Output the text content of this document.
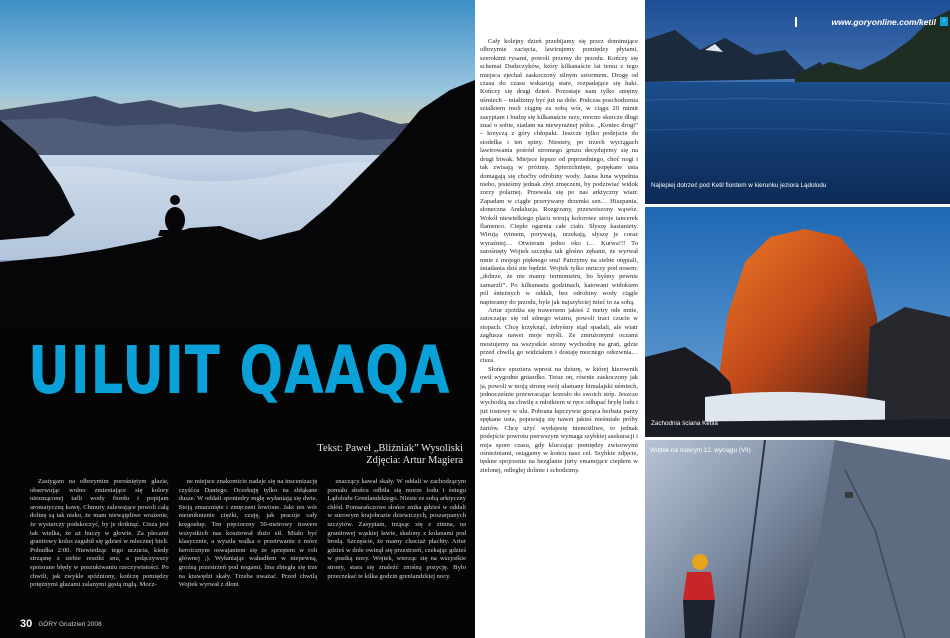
UILUIT QAAQA
Tekst: Paweł „Bliźniak” Wysoliski
Zdjęcia: Artur Magiera
Zastygam na olbrzymim porośniętym głazie, obserwując wolno zmieniające się kolory niezmąconej tafli wody fiordu i popijam aromatyczną kawę. Chmury zalewające powoli całą dolinę są tak nisko, że mam niewątpliwe wrażenie, że wystarczy podskoczyć, by je dotknąć. Cisza jest tak wielka, że aż huczy w głowie. Za plecami granitowy kolos zagubił się gdzieś w mlecznej bieli. Pobudka 2:00. Niewiedząc tego uczucia, kiedy strząsnę z siebie resztki snu, a połączywszy spoisrane błędy w poszukiwaniu rzeczywistości. Po chwili, jak zwykle spóźniony, kończę pomiędzy potężnymi głazami zalanymi gęstą mgłą. Mocz-
ne miejsce znakomicie nadaje się na inscenizację czyśćca Dantego. Oczekuję tylko na zbłąkane dusze. W oddali sponiedry mgłę wyłaniają się dwie. Stoją zmarznięte i zmęczeni łowione. Jaki ten wór nieuniknienie ciężki, czuję, jak pracuje cały kręgosłup. Ten pięciorzny 50-metrowy trawers wszystkich nas kosztował dużo sił. Miało być klasycznie, a wyszła walka o przetrwanie z mórz heroicznym oswajaniem się ze sprzętem w roli głównej ;). Wyłaniając wahadłem w niepewną, groźną przestrzeń pod nogami, lina zbiegła się trze na krawędzi skały. Trzeba uważać. Przed chwilą Wojtek wyrwał z dłoni
znaczący kawał skały. W oddali w zachodzącym pomału słońcu odbiła się morze lodu i śniegu Lądolodu Grenlandzkiego. Niesie ze sobą arktyczny chłód. Pomarańczowe słońce znika gdzieś w oddali w surowym krajobrazie dziewiczych, poszarpanych szczytów. Zasypiam, trząsąc się z zimna, na granitowej wąskiej ławie, skulony z kolanami pod brodą. Szczęście, że mamy chociaż płachty. Artur gdzieś w dole owinął się przestrzeń, czekając gdzieś w pustką nocy. Wojtek, wierząc się na wszystkie strony, stara się znaleźć znośną pozycję. Było przeczekać te kilka godzin grenlandzkiej nocy.
30 GÓRY Grudzień 2008

Cały kolejny dzień przebijamy się przez dominujące olbrzymie zacięcia, lawirujemy pomiędzy płytami, szerokimi rysami, powoli przemy do przodu. Kończy się schemat Dudzczyków, który kilkanaście lat temu z tego miejsca zjechał zaskoczony silnym sztormem. Drogę od czasu do czasu wskazują stare, rozpadające się haki. Kończy się drugi dzień. Pozostaje nam tylko smętny uśmiech – miałżemy być już na dole. Podczas poschodzenia sztalkiem moli ciągnę za sobą wór, w ciągu 20 minut zasypiam i budzę się kilkanaście razy, mocno skurcze długi znać o sobie, siadam na niewyrażnej półce. „Koniec drogi” – krzyczą z góry chłopaki. Jeszcze tylko podejście do siodełka i ten spiny. Niestety, po trzech wyciągach lawirowania pośród stromego gruzu decydujemy się na drugi biwak. Miejsce lepsze od poprzedniego, choć nogi i tak zwisają w próżnię. Spierzchnięte, popękane usta domagają się choćby odrobiny wody. Jasna łuna wypełnia niebo, jesteśmy jednak zbyt zmęczeni, by podziwiać widok zorzy polarnej. Przewala się po nas arktyczny wiatr. Zapadam w ciągłe przerywany drzemki sen… Hiszpania, słoneczna Andaluzja. Rozgrzany, przeweiszony wąwóz. Wokół niewielkiego placu wirują kolorowe stroje tancerek flamenco. Ciepło ogarnia całe ciało. Słyszę kastaniety. Wirują rytmem, porywają, urzekają, słyszę je coraz wyraźniej… Otwieram jedno oko i… Kurwa!!! To zarośnięty Wojtek szczęka tak głośno zębami, że wyrwał mnie z mojego pięknego snu! Patrzymy na siebie otępiali, śniadania dziś nie będzie. Wojtek tylko mruczy pod nosem: „dobrze, że nie mamy termometru, bo byśmy pewnie zamarzli”. Po kilkunastu godzinach, katowani widokiem pól śnieżnych w oddali, bez odrobiny wody ciągle napieramy do przodu, byle jak najszybciej mieć to za sobą.

Artur zjeżdża się trawersem jakieś 2 metry ode mnie, zatoczając się od silnego wiatru, powoli traci czucie w stopach. Chcę krzyknąć, żebyśmy stąd spadali, ale wiatr zagłusza nawet moje myśli. Ze zmrużonymi oczami mostujemy na wszystkie strony wychodzę na grań, gdzie przed chwilą go widziałem i dostaję mocnego odezwnia… cisza.

Słońce spoziera wprost na dziurę, w której kierownik owił wygodne gniazdko. Teraz on, równie zaskoczony jak ja, powoli w moją stronę swój ułamany himalajski uśmiech, jednocześnie przewracając krzesło do swoich stóp. Jeszcze wychodzą na chwilę z młotkiem w ręce odłupać bryłę lodu i już tostowy w ulu. Pobrana łapczywie gorąca herbata parzy spękane usta, pojawiają się nawet jakieś nieśmiałe próby żartów. Chcę użyć wydajesię niemożliwe, to jednak podejście powrotu pierwszym wymaga szybkiej asekuracji i mija spore czasu, gdy kluczając pomiędzy zwisowymi ośnieżniami, osiągamy w końcu nasz cel. Szybkie zdjęcie, tęskne spojrzenie na bezglanie jurty emanujące ciepłem w zielonej, odległej dolinie i schodzimy.

www.goryonline.com/ketil	›
Najlepiej dotrzeć pod Ketil fiordem w kierunku jeziora Lądolodu
Zachodnia ściana Ketila
Wojtek na mokrym 12. wyciągu (VII)
